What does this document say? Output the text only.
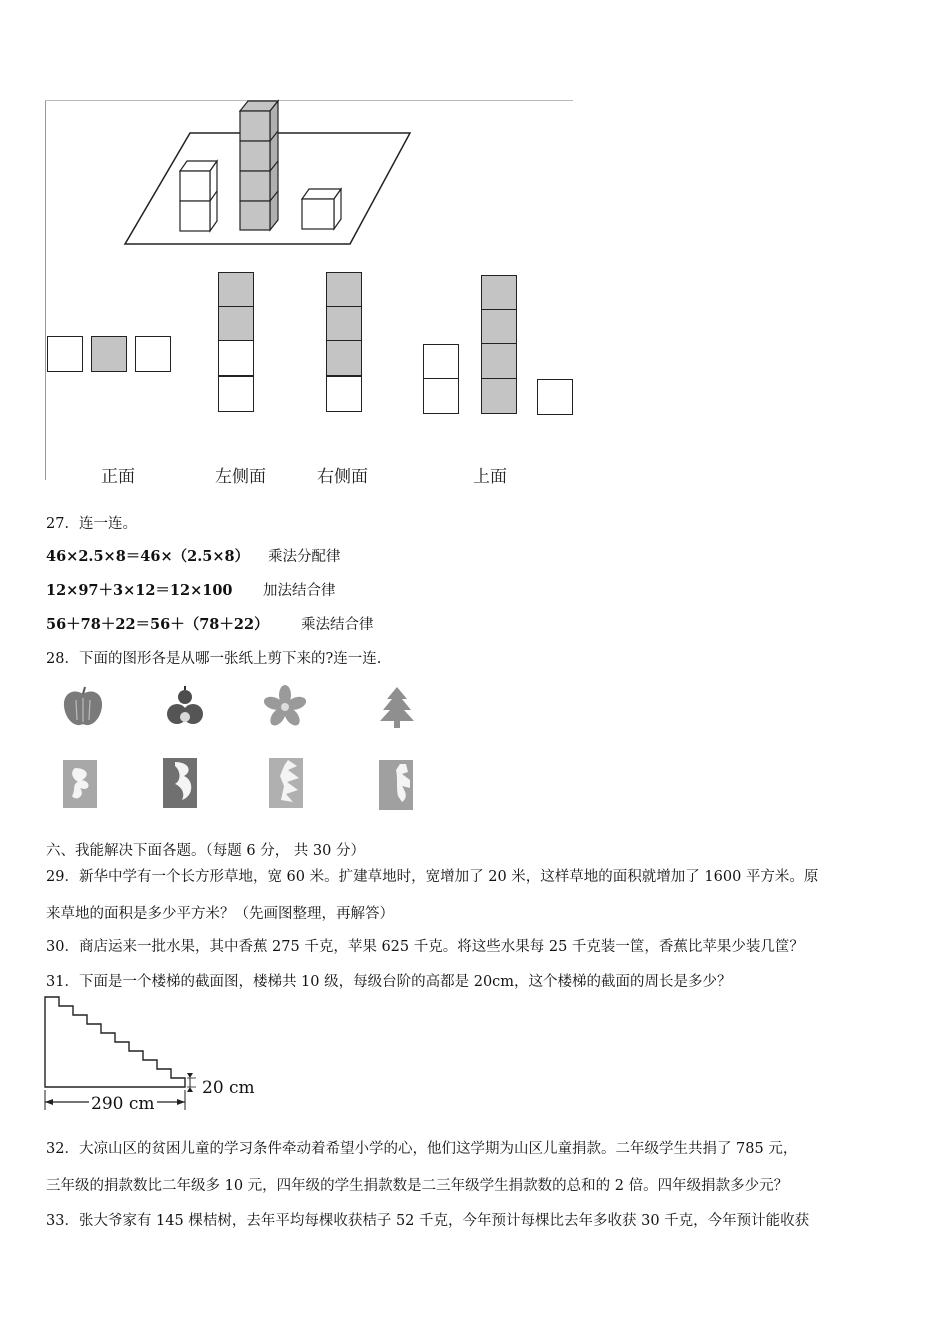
正面	左侧面	右侧面	上面
27．连一连。
46×2.5×8＝46×（2.5×8） 乘法分配律
12×97＋3×12＝12×100 加法结合律
56＋78＋22＝56＋（78＋22） 乘法结合律
28．下面的图形各是从哪一张纸上剪下来的?连一连.
六、我能解决下面各题。（每题 6 分， 共 30 分）
29．新华中学有一个长方形草地，宽 60 米。扩建草地时，宽增加了 20 米，这样草地的面积就增加了 1600 平方米。原
来草地的面积是多少平方米？（先画图整理，再解答）
30．商店运来一批水果，其中香蕉 275 千克，苹果 625 千克。将这些水果每 25 千克装一筐，香蕉比苹果少装几筐？
31．下面是一个楼梯的截面图，楼梯共 10 级，每级台阶的高都是 20cm，这个楼梯的截面的周长是多少？
20 cm
290 cm
32．大凉山区的贫困儿童的学习条件牵动着希望小学的心，他们这学期为山区儿童捐款。二年级学生共捐了 785 元，
三年级的捐款数比二年级多 10 元，四年级的学生捐款数是二三年级学生捐款数的总和的 2 倍。四年级捐款多少元？
33．张大爷家有 145 棵桔树，去年平均每棵收获桔子 52 千克，今年预计每棵比去年多收获 30 千克，今年预计能收获
